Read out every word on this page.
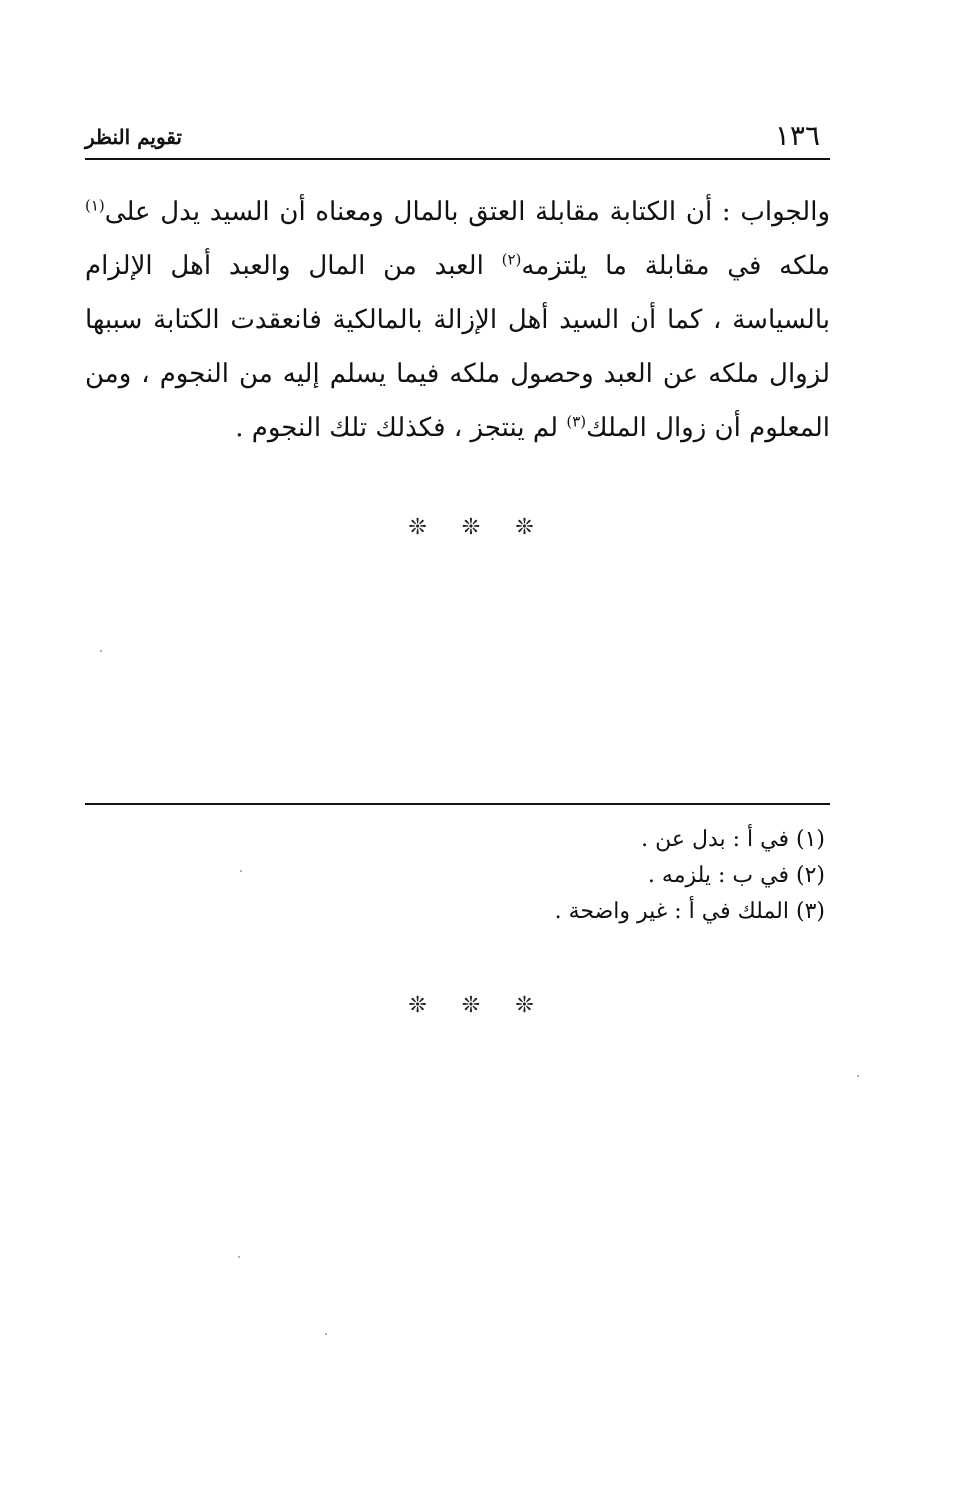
١٣٦
تقويم النظر

والجواب : أن الكتابة مقابلة العتق بالمال ومعناه أن السيد يدل على$^{(١)}$ ملكه في مقابلة ما يلتزمه$^{(٢)}$ العبد من المال والعبد أهل الإلزام بالسياسة ، كما أن السيد أهل الإزالة بالمالكية فانعقدت الكتابة سببها لزوال ملكه عن العبد وحصول ملكه فيما يسلم إليه من النجوم ، ومن المعلوم أن زوال الملك$^{(٣)}$ لم ينتجز ، فكذلك تلك النجوم .

❊ ❊ ❊
(١) في أ : بدل عن .
(٢) في ب : يلزمه .
(٣) الملك في أ : غير واضحة .
❊ ❊ ❊
